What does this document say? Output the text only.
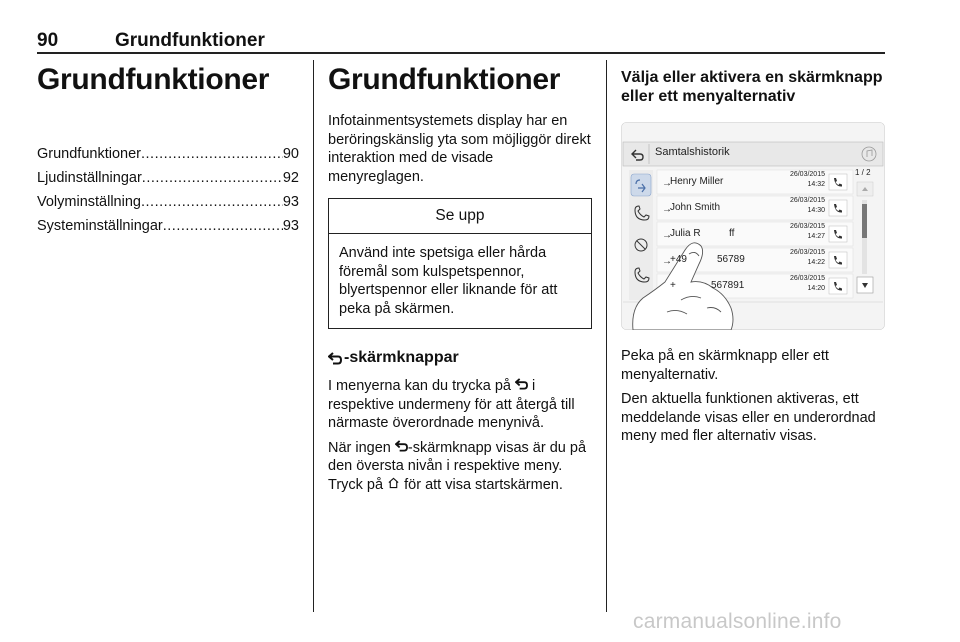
90	Grundfunktioner
Grundfunktioner
Grundfunktioner .....	90
Ljudinställningar .....	92
Volyminställning .....	93
Systeminställningar .....	93
Grundfunktioner

Infotainmentsystemets display har en beröringskänslig yta som möjliggör direkt interaktion med de visade menyreglagen.

Se upp
Använd inte spetsiga eller hårda föremål som kulspetspennor, blyertspennor eller liknande för att peka på skärmen.
-skärmknappar

I menyerna kan du trycka på i respektive undermeny för att återgå till närmaste överordnade menynivå.

När ingen -skärmknapp visas är du på den översta nivån i respektive meny. Tryck på för att visa startskärmen.

Välja eller aktivera en skärmknapp eller ett menyalternativ
→
→
→
→
Samtalshistorik
1 / 2
Henry Miller
26/03/2015
14:32
John Smith
26/03/2015
14:30
Julia R	ff
26/03/2015
14:27
+49	56789
26/03/2015
14:22
+	567891
26/03/2015
14:20

Peka på en skärmknapp eller ett menyalternativ.

Den aktuella funktionen aktiveras, ett meddelande visas eller en underordnad meny med fler alternativ visas.

carmanualsonline.info
